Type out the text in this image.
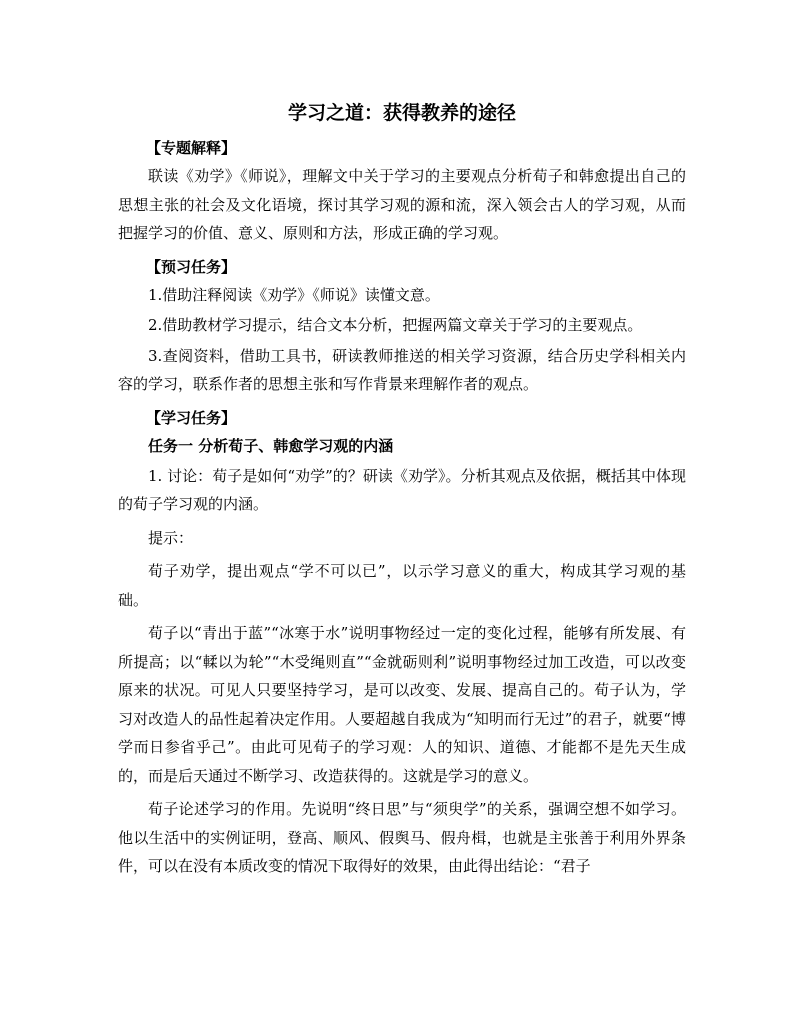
学习之道：获得教养的途径
【专题解释】

联读《劝学》《师说》，理解文中关于学习的主要观点分析荀子和韩愈提出自己的思想主张的社会及文化语境，探讨其学习观的源和流，深入领会古人的学习观，从而把握学习的价值、意义、原则和方法，形成正确的学习观。

【预习任务】

1.借助注释阅读《劝学》《师说》读懂文意。

2.借助教材学习提示，结合文本分析，把握两篇文章关于学习的主要观点。

3.查阅资料，借助工具书，研读教师推送的相关学习资源，结合历史学科相关内容的学习，联系作者的思想主张和写作背景来理解作者的观点。

【学习任务】
任务一 分析荀子、韩愈学习观的内涵

1. 讨论：荀子是如何“劝学”的？研读《劝学》。分析其观点及依据，概括其中体现的荀子学习观的内涵。

提示：

荀子劝学，提出观点“学不可以已”，以示学习意义的重大，构成其学习观的基础。

荀子以“青出于蓝”“冰寒于水”说明事物经过一定的变化过程，能够有所发展、有所提高；以“輮以为轮”“木受绳则直”“金就砺则利”说明事物经过加工改造，可以改变原来的状况。可见人只要坚持学习，是可以改变、发展、提高自己的。荀子认为，学习对改造人的品性起着决定作用。人要超越自我成为“知明而行无过”的君子，就要“博学而日参省乎己”。由此可见荀子的学习观：人的知识、道德、才能都不是先天生成的，而是后天通过不断学习、改造获得的。这就是学习的意义。

荀子论述学习的作用。先说明“终日思”与“须臾学”的关系，强调空想不如学习。他以生活中的实例证明，登高、顺风、假舆马、假舟楫，也就是主张善于利用外界条件，可以在没有本质改变的情况下取得好的效果，由此得出结论：“君子
